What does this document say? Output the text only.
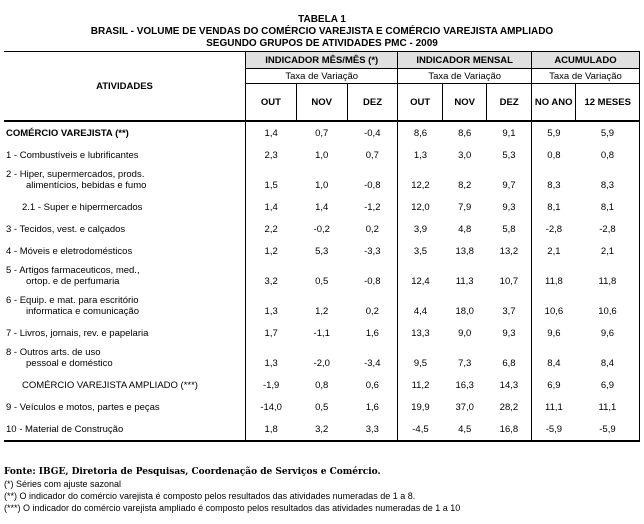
TABELA 1
BRASIL - VOLUME DE VENDAS DO COMÉRCIO VAREJISTA E COMÉRCIO VAREJISTA AMPLIADO
SEGUNDO GRUPOS DE ATIVIDADES PMC - 2009
ATIVIDADES	INDICADOR MÊS/MÊS (*)			INDICADOR MENSAL			ACUMULADO	
	Taxa de Variação			Taxa de Variação			Taxa de Variação	
	OUT	NOV	DEZ	OUT	NOV	DEZ	NO ANO	12 MESES
COMÉRCIO VAREJISTA (**)	1,4	0,7	-0,4	8,6	8,6	9,1	5,9	5,9
1 - Combustíveis e lubrificantes	2,3	1,0	0,7	1,3	3,0	5,3	0,8	0,8
2 - Hiper, supermercados, prods.								
alimentícios, bebidas e fumo	1,5	1,0	-0,8	12,2	8,2	9,7	8,3	8,3
2.1 - Super e hipermercados	1,4	1,4	-1,2	12,0	7,9	9,3	8,1	8,1
3 - Tecidos, vest. e calçados	2,2	-0,2	0,2	3,9	4,8	5,8	-2,8	-2,8
4 - Móveis e eletrodomésticos	1,2	5,3	-3,3	3,5	13,8	13,2	2,1	2,1
5 - Artigos farmaceuticos, med.,								
ortop. e de perfumaria	3,2	0,5	-0,8	12,4	11,3	10,7	11,8	11,8
6 - Equip. e mat. para escritório								
informatica e comunicação	1,3	1,2	0,2	4,4	18,0	3,7	10,6	10,6
7 - Livros, jornais, rev. e papelaria	1,7	-1,1	1,6	13,3	9,0	9,3	9,6	9,6
8 - Outros arts. de uso								
pessoal e doméstico	1,3	-2,0	-3,4	9,5	7,3	6,8	8,4	8,4
COMÉRCIO VAREJISTA AMPLIADO (***)	-1,9	0,8	0,6	11,2	16,3	14,3	6,9	6,9
9 - Veículos e motos, partes e peças	-14,0	0,5	1,6	19,9	37,0	28,2	11,1	11,1
10 - Material de Construção	1,8	3,2	3,3	-4,5	4,5	16,8	-5,9	-5,9
Fonte: IBGE, Diretoria de Pesquisas, Coordenação de Serviços e Comércio.
(*) Séries com ajuste sazonal
(**) O indicador do comércio varejista é composto pelos resultados das atividades numeradas de 1 a 8.
(***) O indicador do comércio varejista ampliado é composto pelos resultados das atividades numeradas de 1 a 10
